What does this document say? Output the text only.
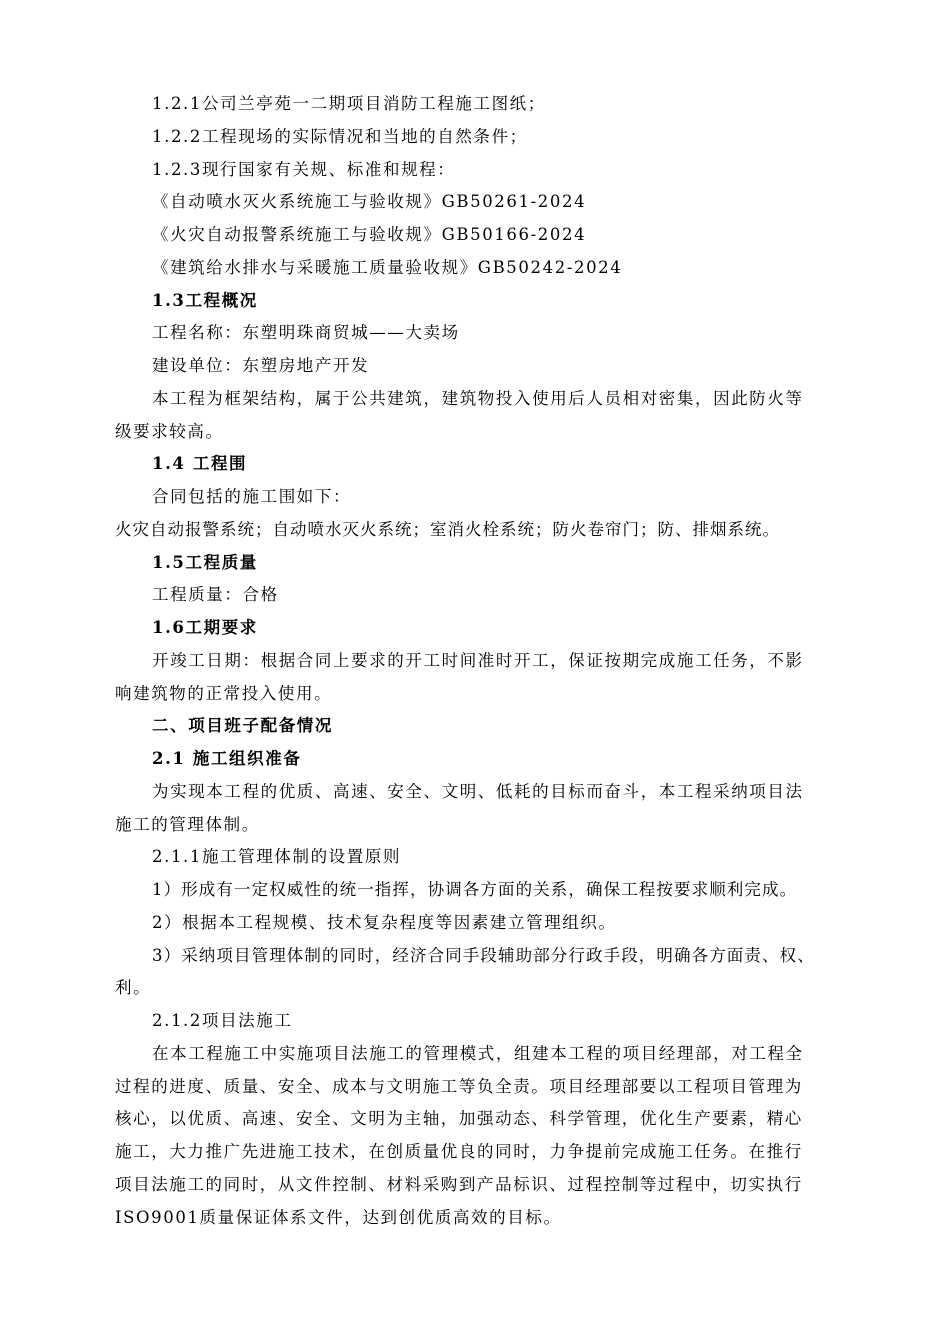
1.2.1公司兰亭苑一二期项目消防工程施工图纸；

1.2.2工程现场的实际情况和当地的自然条件；

1.2.3现行国家有关规、标准和规程：

《自动喷水灭火系统施工与验收规》GB50261-2024

《火灾自动报警系统施工与验收规》GB50166-2024

《建筑给水排水与采暖施工质量验收规》GB50242-2024

1.3工程概况

工程名称：东塑明珠商贸城——大卖场

建设单位：东塑房地产开发

本工程为框架结构，属于公共建筑，建筑物投入使用后人员相对密集，因此防火等

级要求较高。

1.4 工程围

合同包括的施工围如下：

火灾自动报警系统；自动喷水灭火系统；室消火栓系统；防火卷帘门；防、排烟系统。

1.5工程质量

工程质量：合格

1.6工期要求

开竣工日期：根据合同上要求的开工时间准时开工，保证按期完成施工任务，不影

响建筑物的正常投入使用。

二、项目班子配备情况

2.1 施工组织准备

为实现本工程的优质、高速、安全、文明、低耗的目标而奋斗，本工程采纳项目法

施工的管理体制。

2.1.1施工管理体制的设置原则

1）形成有一定权威性的统一指挥，协调各方面的关系，确保工程按要求顺利完成。

2）根据本工程规模、技术复杂程度等因素建立管理组织。

3）采纳项目管理体制的同时，经济合同手段辅助部分行政手段，明确各方面责、权、

利。

2.1.2项目法施工

在本工程施工中实施项目法施工的管理模式，组建本工程的项目经理部，对工程全

过程的进度、质量、安全、成本与文明施工等负全责。项目经理部要以工程项目管理为

核心，以优质、高速、安全、文明为主轴，加强动态、科学管理，优化生产要素，精心

施工，大力推广先进施工技术，在创质量优良的同时，力争提前完成施工任务。在推行

项目法施工的同时，从文件控制、材料采购到产品标识、过程控制等过程中，切实执行

ISO9001质量保证体系文件，达到创优质高效的目标。
